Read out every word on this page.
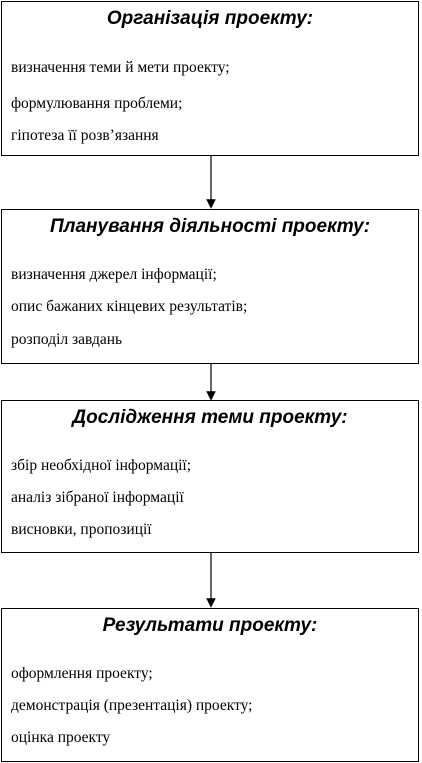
Організація проекту:
визначення теми й мети проекту;
формулювання проблеми;
гіпотеза її розв’язання
Планування діяльності проекту:
визначення джерел інформації;
опис бажаних кінцевих результатів;
розподіл завдань
Дослідження теми проекту:
збір необхідної інформації;
аналіз зібраної інформації
висновки, пропозиції
Результати проекту:
оформлення проекту;
демонстрація (презентація) проекту;
оцінка проекту
